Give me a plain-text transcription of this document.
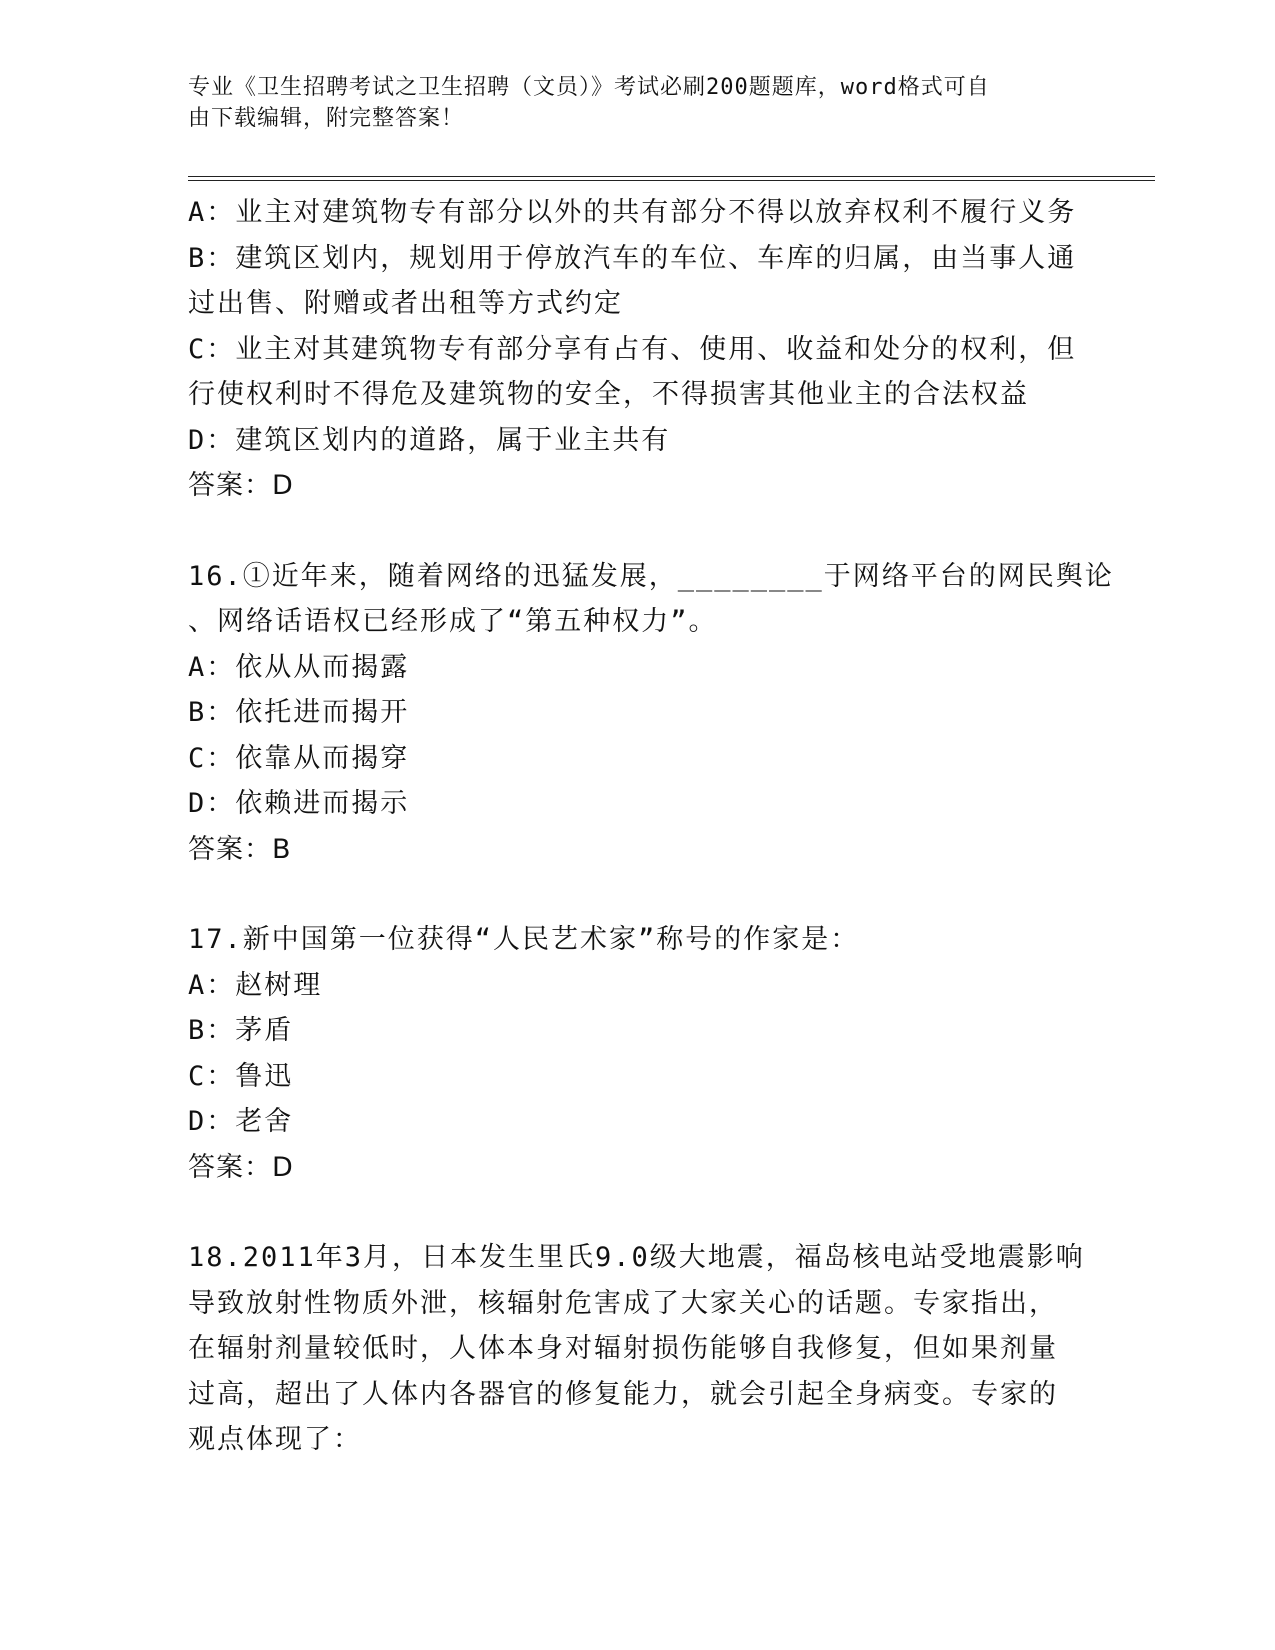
专业《卫生招聘考试之卫生招聘（文员）》考试必刷200题题库，word格式可自
由下载编辑，附完整答案！
A：业主对建筑物专有部分以外的共有部分不得以放弃权利不履行义务
B：建筑区划内，规划用于停放汽车的车位、车库的归属，由当事人通
过出售、附赠或者出租等方式约定
C：业主对其建筑物专有部分享有占有、使用、收益和处分的权利，但
行使权利时不得危及建筑物的安全，不得损害其他业主的合法权益
D：建筑区划内的道路，属于业主共有
答案：D
16.①近年来，随着网络的迅猛发展，________于网络平台的网民舆论
、网络话语权已经形成了“第五种权力”。
A：依从从而揭露
B：依托进而揭开
C：依靠从而揭穿
D：依赖进而揭示
答案：B
17.新中国第一位获得“人民艺术家”称号的作家是：
A：赵树理
B：茅盾
C：鲁迅
D：老舍
答案：D
18.2011年3月，日本发生里氏9.0级大地震，福岛核电站受地震影响
导致放射性物质外泄，核辐射危害成了大家关心的话题。专家指出，
在辐射剂量较低时，人体本身对辐射损伤能够自我修复，但如果剂量
过高，超出了人体内各器官的修复能力，就会引起全身病变。专家的
观点体现了：
